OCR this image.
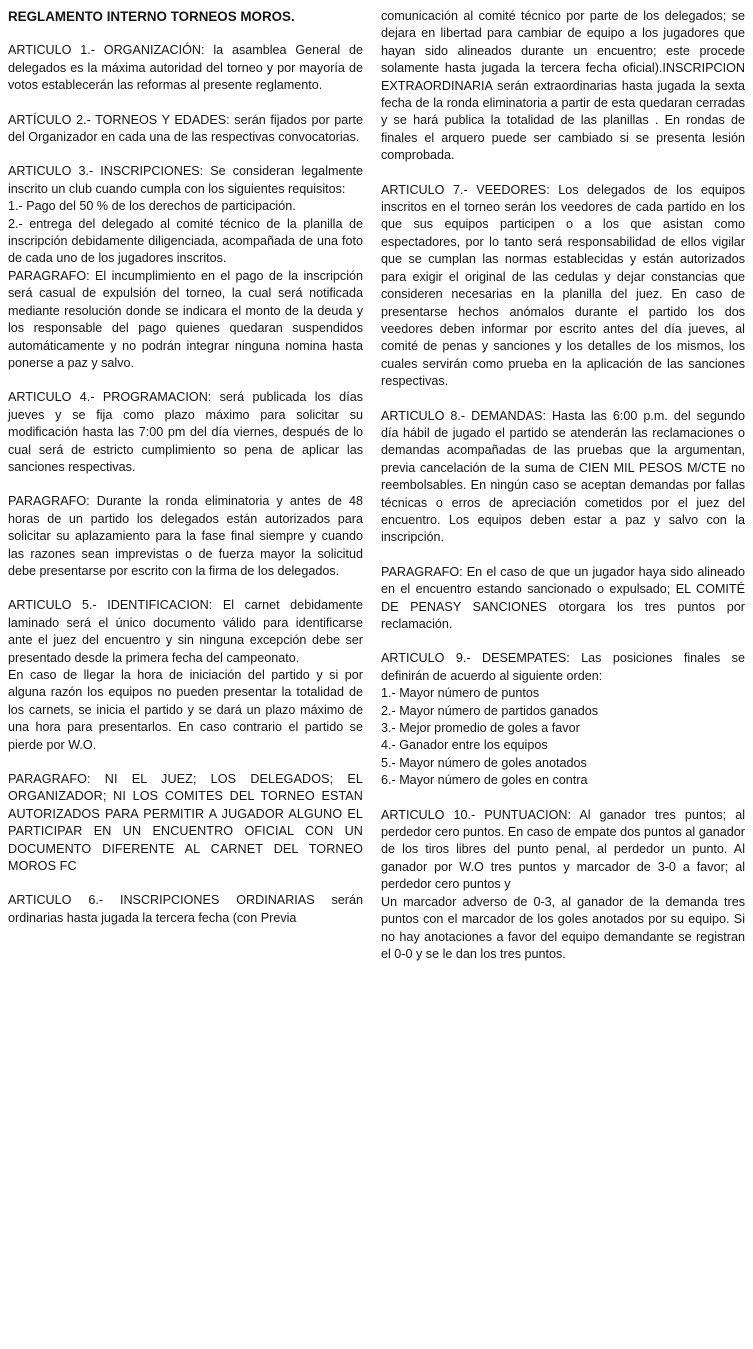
REGLAMENTO INTERNO TORNEOS MOROS.

ARTICULO 1.- ORGANIZACIÓN: la asamblea General de delegados es la máxima autoridad del torneo y por mayoría de votos establecerán las reformas al presente reglamento.

ARTÍCULO 2.- TORNEOS Y EDADES: serán fijados por parte del Organizador en cada una de las respectivas convocatorias.

ARTICULO 3.- INSCRIPCIONES: Se consideran legalmente inscrito un club cuando cumpla con los siguientes requisitos:

1.- Pago del 50 % de los derechos de participación.

2.- entrega del delegado al comité técnico de la planilla de inscripción debidamente diligenciada, acompañada de una foto de cada uno de los jugadores inscritos.

PARAGRAFO: El incumplimiento en el pago de la inscripción será casual de expulsión del torneo, la cual será notificada mediante resolución donde se indicara el monto de la deuda y los responsable del pago quienes quedaran suspendidos automáticamente y no podrán integrar ninguna nomina hasta ponerse a paz y salvo.

ARTICULO 4.- PROGRAMACION: será publicada los días jueves y se fija como plazo máximo para solicitar su modificación hasta las 7:00 pm del día viernes, después de lo cual será de estricto cumplimiento so pena de aplicar las sanciones respectivas.

PARAGRAFO: Durante la ronda eliminatoria y antes de 48 horas de un partido los delegados están autorizados para solicitar su aplazamiento para la fase final siempre y cuando las razones sean imprevistas o de fuerza mayor la solicitud debe presentarse por escrito con la firma de los delegados.

ARTICULO 5.- IDENTIFICACION: El carnet debidamente laminado será el único documento válido para identificarse ante el juez del encuentro y sin ninguna excepción debe ser presentado desde la primera fecha del campeonato.

En caso de llegar la hora de iniciación del partido y si por alguna razón los equipos no pueden presentar la totalidad de los carnets, se inicia el partido y se dará un plazo máximo de una hora para presentarlos. En caso contrario el partido se pierde por W.O.

PARAGRAFO: NI EL JUEZ; LOS DELEGADOS; EL ORGANIZADOR; NI LOS COMITES DEL TORNEO ESTAN AUTORIZADOS PARA PERMITIR A JUGADOR ALGUNO EL PARTICIPAR EN UN ENCUENTRO OFICIAL CON UN DOCUMENTO DIFERENTE AL CARNET DEL TORNEO MOROS FC

ARTICULO 6.- INSCRIPCIONES ORDINARIAS serán ordinarias hasta jugada la tercera fecha (con Previa

comunicación al comité técnico por parte de los delegados; se dejara en libertad para cambiar de equipo a los jugadores que hayan sido alineados durante un encuentro; este procede solamente hasta jugada la tercera fecha oficial).INSCRIPCION EXTRAORDINARIA serán extraordinarias hasta jugada la sexta fecha de la ronda eliminatoria a partir de esta quedaran cerradas y se hará publica la totalidad de las planillas . En rondas de finales el arquero puede ser cambiado si se presenta lesión comprobada.

ARTICULO 7.- VEEDORES: Los delegados de los equipos inscritos en el torneo serán los veedores de cada partido en los que sus equipos participen o a los que asistan como espectadores, por lo tanto será responsabilidad de ellos vigilar que se cumplan las normas establecidas y están autorizados para exigir el original de las cedulas y dejar constancias que consideren necesarias en la planilla del juez. En caso de presentarse hechos anómalos durante el partido los dos veedores deben informar por escrito antes del día jueves, al comité de penas y sanciones y los detalles de los mismos, los cuales servirán como prueba en la aplicación de las sanciones respectivas.

ARTICULO 8.- DEMANDAS: Hasta las 6:00 p.m. del segundo día hábil de jugado el partido se atenderán las reclamaciones o demandas acompañadas de las pruebas que la argumentan, previa cancelación de la suma de CIEN MIL PESOS M/CTE no reembolsables. En ningún caso se aceptan demandas por fallas técnicas o erros de apreciación cometidos por el juez del encuentro. Los equipos deben estar a paz y salvo con la inscripción.

PARAGRAFO: En el caso de que un jugador haya sido alineado en el encuentro estando sancionado o expulsado; EL COMITÉ DE PENASY SANCIONES otorgara los tres puntos por reclamación.

ARTICULO 9.- DESEMPATES: Las posiciones finales se definirán de acuerdo al siguiente orden:

1.- Mayor número de puntos
2.- Mayor número de partidos ganados
3.- Mejor promedio de goles a favor
4.- Ganador entre los equipos
5.- Mayor número de goles anotados
6.- Mayor número de goles en contra

ARTICULO 10.- PUNTUACION: Al ganador tres puntos; al perdedor cero puntos. En caso de empate dos puntos al ganador de los tiros libres del punto penal, al perdedor un punto. Al ganador por W.O tres puntos y marcador de 3-0 a favor; al perdedor cero puntos y

Un marcador adverso de 0-3, al ganador de la demanda tres puntos con el marcador de los goles anotados por su equipo. Si no hay anotaciones a favor del equipo demandante se registran el 0-0 y se le dan los tres puntos.
